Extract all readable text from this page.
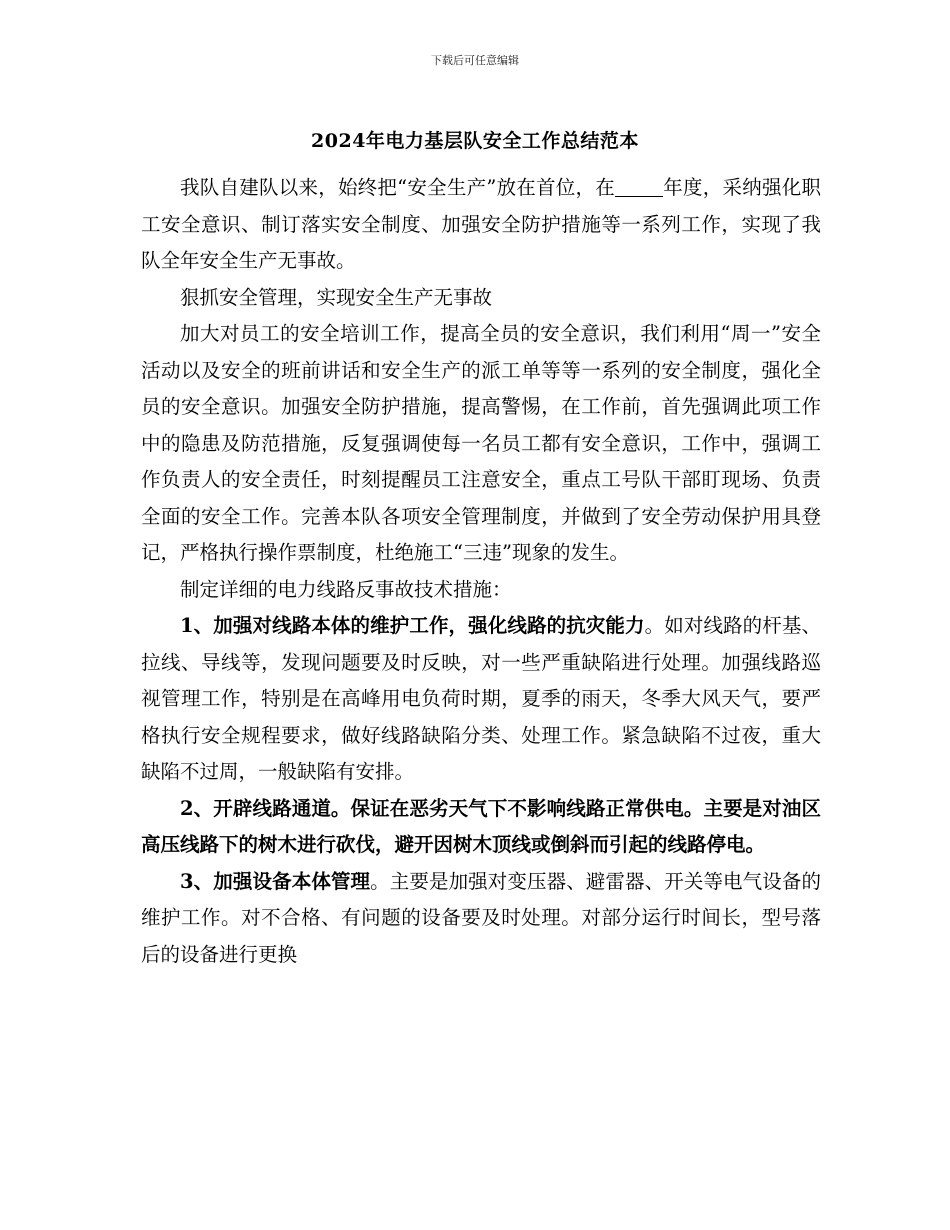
下载后可任意编辑
2024年电力基层队安全工作总结范本

我队自建队以来，始终把“安全生产”放在首位，在 年度，采纳强化职工安全意识、制订落实安全制度、加强安全防护措施等一系列工作，实现了我队全年安全生产无事故。

狠抓安全管理，实现安全生产无事故

加大对员工的安全培训工作，提高全员的安全意识，我们利用“周一”安全活动以及安全的班前讲话和安全生产的派工单等等一系列的安全制度，强化全员的安全意识。加强安全防护措施，提高警惕，在工作前，首先强调此项工作中的隐患及防范措施，反复强调使每一名员工都有安全意识，工作中，强调工作负责人的安全责任，时刻提醒员工注意安全，重点工号队干部盯现场、负责全面的安全工作。完善本队各项安全管理制度，并做到了安全劳动保护用具登记，严格执行操作票制度，杜绝施工“三违”现象的发生。

制定详细的电力线路反事故技术措施：

1、加强对线路本体的维护工作，强化线路的抗灾能力。如对线路的杆基、拉线、导线等，发现问题要及时反映，对一些严重缺陷进行处理。加强线路巡视管理工作，特别是在高峰用电负荷时期，夏季的雨天，冬季大风天气，要严格执行安全规程要求，做好线路缺陷分类、处理工作。紧急缺陷不过夜，重大缺陷不过周，一般缺陷有安排。

2、开辟线路通道。保证在恶劣天气下不影响线路正常供电。主要是对油区高压线路下的树木进行砍伐，避开因树木顶线或倒斜而引起的线路停电。

3、加强设备本体管理。主要是加强对变压器、避雷器、开关等电气设备的维护工作。对不合格、有问题的设备要及时处理。对部分运行时间长，型号落后的设备进行更换
